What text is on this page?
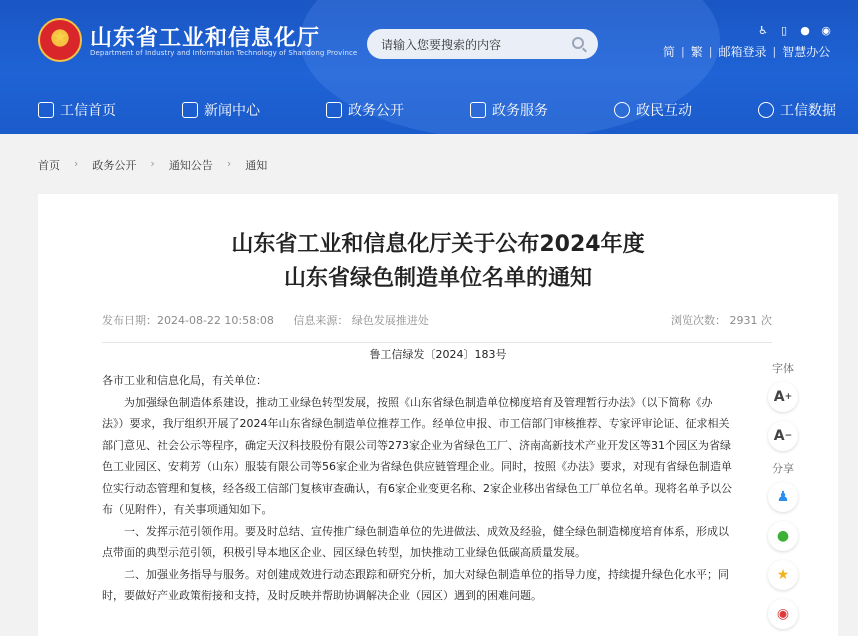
★
山东省工业和信息化厅
Department of Industry and Information Technology of Shandong Province
请输入您要搜索的内容
♿	▯	● ◉
简 | 繁 | 邮箱登录 | 智慧办公
工信首页	新闻中心	政务公开	政务服务	政民互动	工信数据
首页 › 政务公开 › 通知公告 › 通知
山东省工业和信息化厅关于公布2024年度
山东省绿色制造单位名单的通知
发布日期：2024-08-22 10:58:08 信息来源： 绿色发展推进处	浏览次数： 2931 次
鲁工信绿发〔2024〕183号

各市工业和信息化局，有关单位：

为加强绿色制造体系建设，推动工业绿色转型发展，按照《山东省绿色制造单位梯度培育及管理暂行办法》（以下简称《办法》）要求，我厅组织开展了2024年山东省绿色制造单位推荐工作。经单位申报、市工信部门审核推荐、专家评审论证、征求相关部门意见、社会公示等程序，确定天汉科技股份有限公司等273家企业为省绿色工厂、济南高新技术产业开发区等31个园区为省绿色工业园区、安莉芳（山东）服装有限公司等56家企业为省绿色供应链管理企业。同时，按照《办法》要求，对现有省绿色制造单位实行动态管理和复核，经各级工信部门复核审查确认，有6家企业变更名称、2家企业移出省绿色工厂单位名单。现将名单予以公布（见附件），有关事项通知如下。

一、发挥示范引领作用。要及时总结、宣传推广绿色制造单位的先进做法、成效及经验，健全绿色制造梯度培育体系，形成以点带面的典型示范引领，积极引导本地区企业、园区绿色转型，加快推动工业绿色低碳高质量发展。

二、加强业务指导与服务。对创建成效进行动态跟踪和研究分析，加大对绿色制造单位的指导力度，持续提升绿色化水平；同时，要做好产业政策衔接和支持，及时反映并帮助协调解决企业（园区）遇到的困难问题。

字体
A +
A −
分享
♟
●
★
◉
